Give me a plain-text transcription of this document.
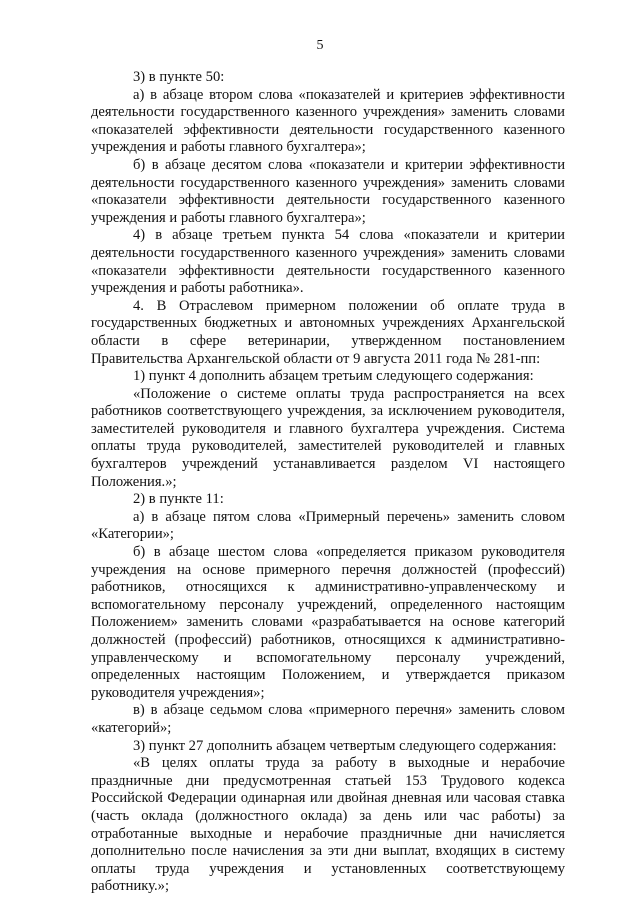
5

3) в пункте 50:

а) в абзаце втором слова «показателей и критериев эффективности деятельности государственного казенного учреждения» заменить словами «показателей эффективности деятельности государственного казенного учреждения и работы главного бухгалтера»;

б) в абзаце десятом слова «показатели и критерии эффективности деятельности государственного казенного учреждения» заменить словами «показатели эффективности деятельности государственного казенного учреждения и работы главного бухгалтера»;

4) в абзаце третьем пункта 54 слова «показатели и критерии деятельности государственного казенного учреждения» заменить словами «показатели эффективности деятельности государственного казенного учреждения и работы работника».

4. В Отраслевом примерном положении об оплате труда в государственных бюджетных и автономных учреждениях Архангельской области в сфере ветеринарии, утвержденном постановлением Правительства Архангельской области от 9 августа 2011 года № 281-пп:

1) пункт 4 дополнить абзацем третьим следующего содержания:

«Положение о системе оплаты труда распространяется на всех работников соответствующего учреждения, за исключением руководителя, заместителей руководителя и главного бухгалтера учреждения. Система оплаты труда руководителей, заместителей руководителей и главных бухгалтеров учреждений устанавливается разделом VI настоящего Положения.»;

2) в пункте 11:

а) в абзаце пятом слова «Примерный перечень» заменить словом «Категории»;

б) в абзаце шестом слова «определяется приказом руководителя учреждения на основе примерного перечня должностей (профессий) работников, относящихся к административно-управленческому и вспомогательному персоналу учреждений, определенного настоящим Положением» заменить словами «разрабатывается на основе категорий должностей (профессий) работников, относящихся к административно-управленческому и вспомогательному персоналу учреждений, определенных настоящим Положением, и утверждается приказом руководителя учреждения»;

в) в абзаце седьмом слова «примерного перечня» заменить словом «категорий»;

3) пункт 27 дополнить абзацем четвертым следующего содержания:

«В целях оплаты труда за работу в выходные и нерабочие праздничные дни предусмотренная статьей 153 Трудового кодекса Российской Федерации одинарная или двойная дневная или часовая ставка (часть оклада (должностного оклада) за день или час работы) за отработанные выходные и нерабочие праздничные дни начисляется дополнительно после начисления за эти дни выплат, входящих в систему оплаты труда учреждения и установленных соответствующему работнику.»;
